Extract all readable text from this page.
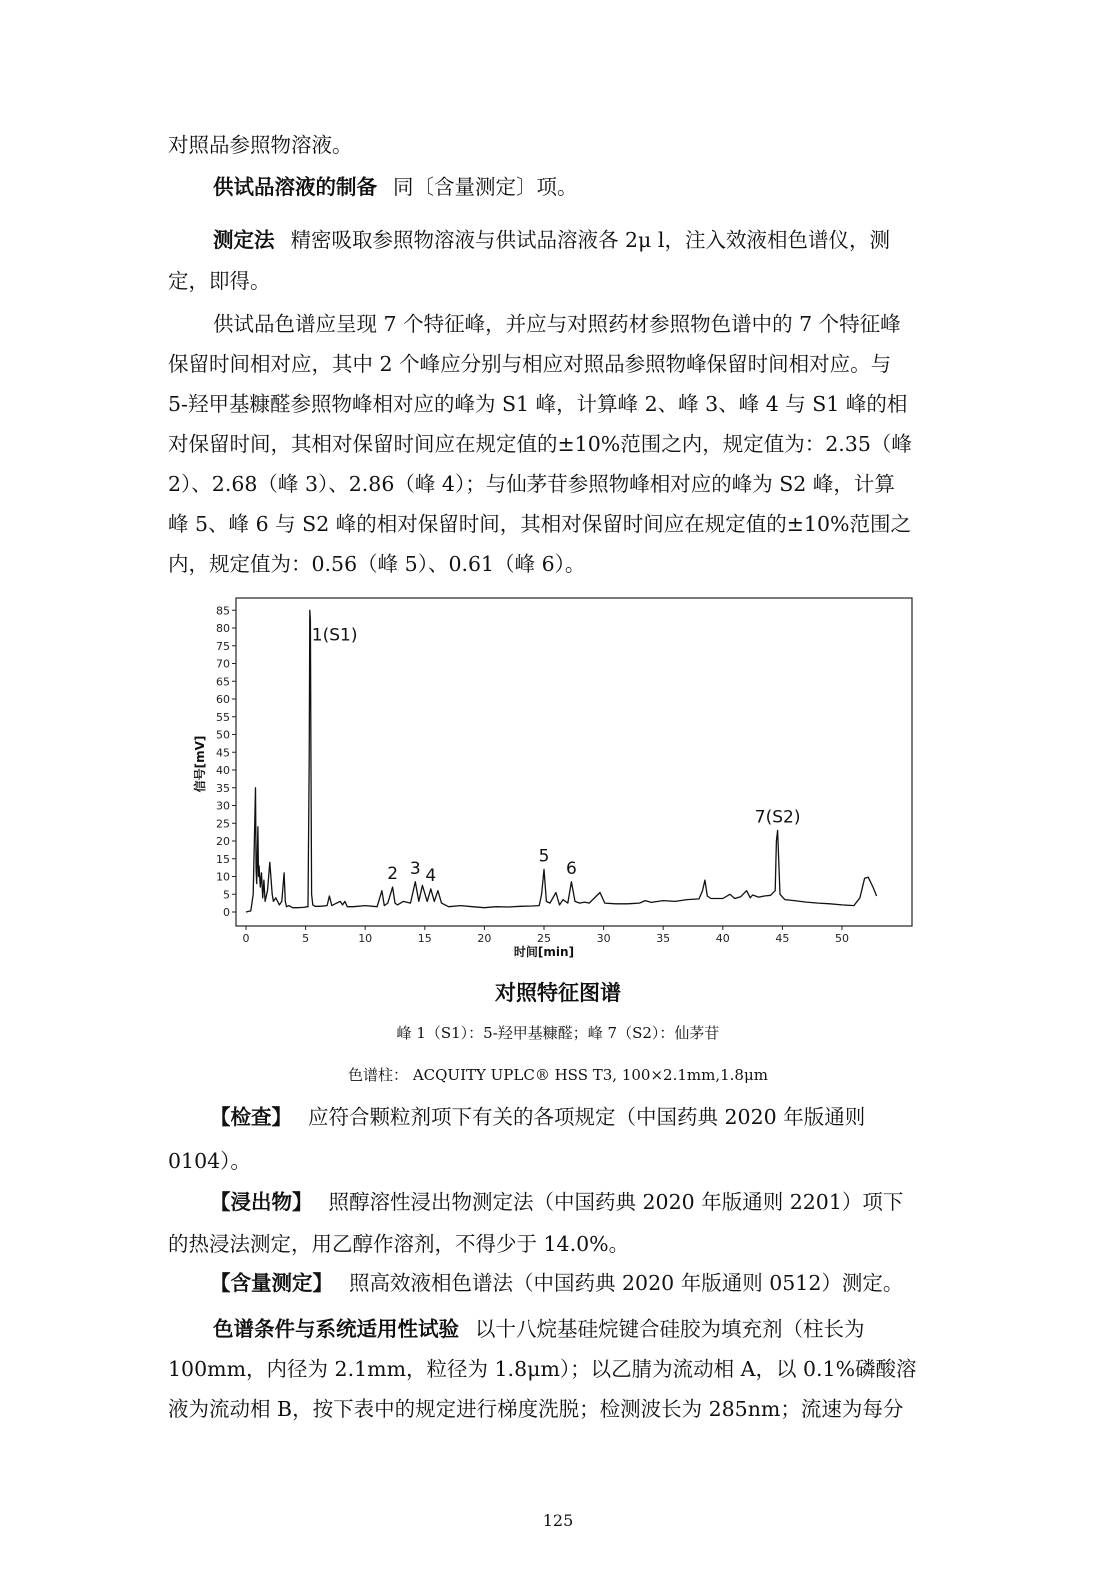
对照品参照物溶液。
供试品溶液的制备 同〔含量测定〕项。
测定法 精密吸取参照物溶液与供试品溶液各 2μ l，注入效液相色谱仪，测
定，即得。
供试品色谱应呈现 7 个特征峰，并应与对照药材参照物色谱中的 7 个特征峰
保留时间相对应，其中 2 个峰应分别与相应对照品参照物峰保留时间相对应。与
5-羟甲基糠醛参照物峰相对应的峰为 S1 峰，计算峰 2、峰 3、峰 4 与 S1 峰的相
对保留时间，其相对保留时间应在规定值的±10%范围之内，规定值为：2.35（峰
2）、2.68（峰 3）、2.86（峰 4）；与仙茅苷参照物峰相对应的峰为 S2 峰，计算
峰 5、峰 6 与 S2 峰的相对保留时间，其相对保留时间应在规定值的±10%范围之
内，规定值为：0.56（峰 5）、0.61（峰 6）。
0
5
10
15
20
25
30
35
40
45
50
55
60
65
70
75
80
85
0	5	10	15	20	25	30	35	40	45	50
时间[min]
信号[mV]
1(S1)
2 3 4
5
6
7(S2)
对照特征图谱
峰 1（S1）：5-羟甲基糠醛；峰 7（S2）：仙茅苷
色谱柱： ACQUITY UPLC® HSS T3, 100×2.1mm,1.8μm
【检查】 应符合颗粒剂项下有关的各项规定（中国药典 2020 年版通则
0104）。
【浸出物】 照醇溶性浸出物测定法（中国药典 2020 年版通则 2201）项下
的热浸法测定，用乙醇作溶剂，不得少于 14.0%。
【含量测定】 照高效液相色谱法（中国药典 2020 年版通则 0512）测定。
色谱条件与系统适用性试验 以十八烷基硅烷键合硅胶为填充剂（柱长为
100mm，内径为 2.1mm，粒径为 1.8μm）；以乙腈为流动相 A，以 0.1%磷酸溶
液为流动相 B，按下表中的规定进行梯度洗脱；检测波长为 285nm；流速为每分
125
